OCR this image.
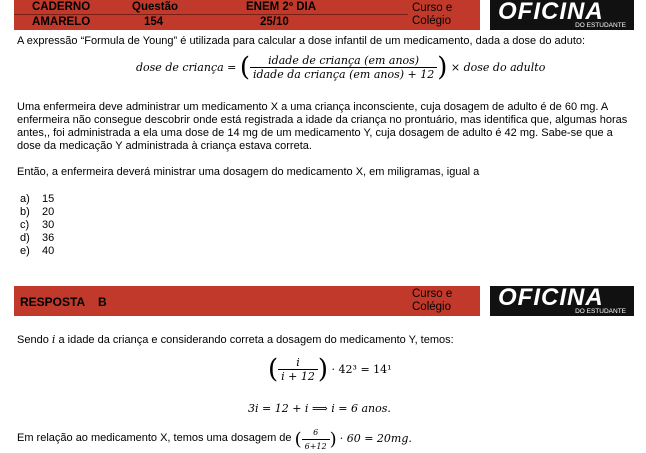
CADERNO
AMARELO
Questão
154
ENEM 2º DIA
25/10
Curso e
Colégio OFICINA
DO ESTUDANTE
A expressão “Formula de Young” é utilizada para calcular a dose infantil de um medicamento, dada a dose do aduto:
dose de criança = ( $\frac{\text{idade de criança (em anos)}}{\text{idade da criança (em anos) + 12}}$ ) × dose do adulto
Uma enfermeira deve administrar um medicamento X a uma criança inconsciente, cuja dosagem de adulto é de 60 mg. A enfermeira não consegue descobrir onde está registrada a idade da criança no prontuário, mas identifica que, algumas horas antes,, foi administrada a ela uma dose de 14 mg de um medicamento Y, cuja dosagem de adulto é 42 mg. Sabe-se que a dose da medicação Y administrada à criança estava correta.
Então, a enfermeira deverá ministrar uma dosagem do medicamento X, em miligramas, igual a
a) 15
b) 20
c) 30
d) 36
e) 40
RESPOSTA B
Curso e
Colégio OFICINA
DO ESTUDANTE
Sendo i a idade da criança e considerando correta a dosagem do medicamento Y, temos:
( $\frac{i}{i + 12}$ ) · 42³ = 14¹
3i = 12 + i ⟹ i = 6 anos.
Em relação ao medicamento X, temos uma dosagem de ( $\frac{6}{6+12}$ ) · 60 = 20mg.
